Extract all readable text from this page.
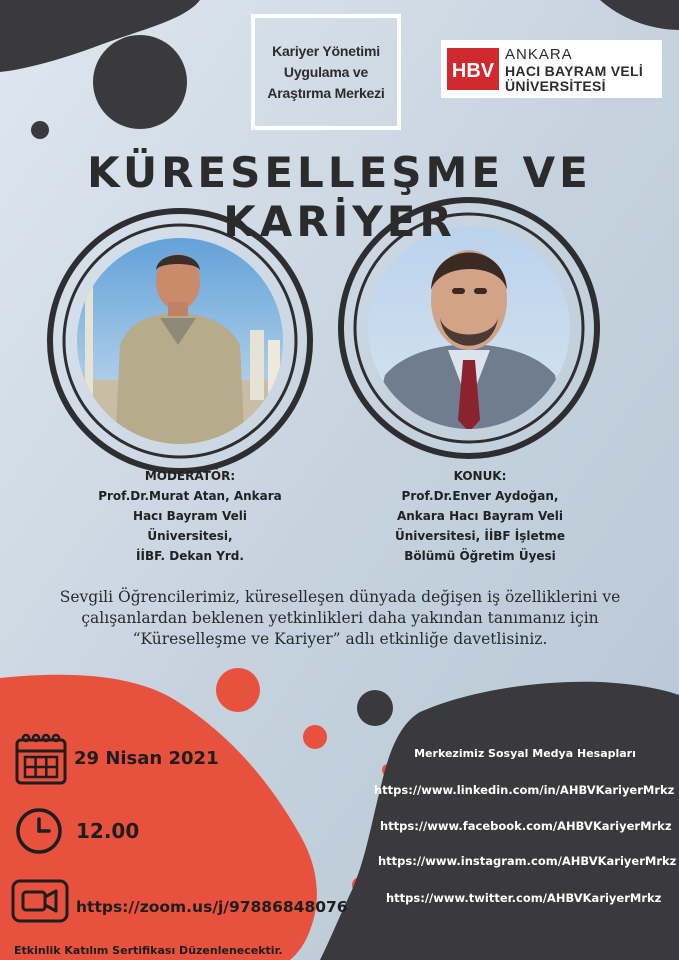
Kariyer Yönetimi
Uygulama ve
Araştırma Merkezi
HBV
ANKARA
HACI BAYRAM VELİ
ÜNİVERSİTESİ
KÜRESELLEŞME VE KARİYER
MODERATÖR:
Prof.Dr.Murat Atan, Ankara
Hacı Bayram Veli
Üniversitesi,
İİBF. Dekan Yrd.
KONUK:
Prof.Dr.Enver Aydoğan,
Ankara Hacı Bayram Veli
Üniversitesi, İİBF İşletme
Bölümü Öğretim Üyesi
Sevgili Öğrencilerimiz, küreselleşen dünyada değişen iş özelliklerini ve
çalışanlardan beklenen yetkinlikleri daha yakından tanımanız için
“Küreselleşme ve Kariyer” adlı etkinliğe davetlisiniz.
29 Nisan 2021
12.00
https://zoom.us/j/97886848076
Merkezimiz Sosyal Medya Hesapları
https://www.linkedin.com/in/AHBVKariyerMrkz
https://www.facebook.com/AHBVKariyerMrkz
https://www.instagram.com/AHBVKariyerMrkz
https://www.twitter.com/AHBVKariyerMrkz
Etkinlik Katılım Sertifikası Düzenlenecektir.
